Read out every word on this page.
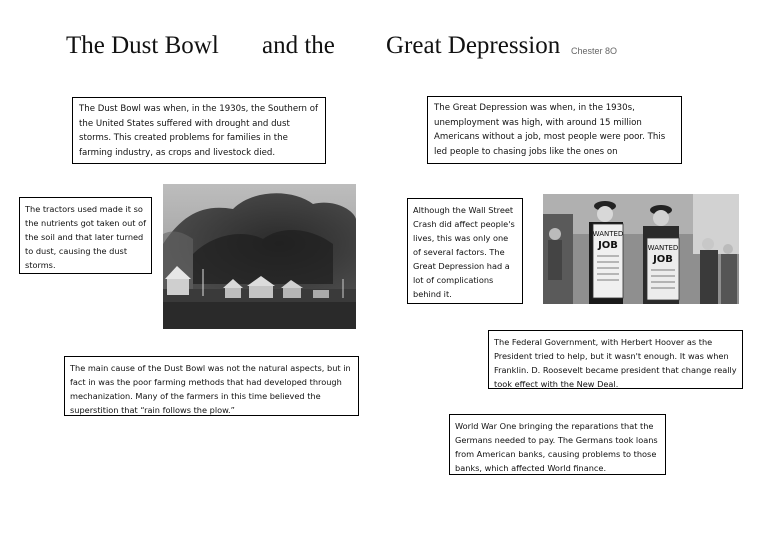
The Dust Bowl and the Great Depression Chester 8O
The Dust Bowl was when, in the 1930s, the Southern of the United States suffered with drought and dust storms. This created problems for families in the farming industry, as crops and livestock died.
The Great Depression was when, in the 1930s, unemployment was high, with around 15 million Americans without a job, most people were poor. This led people to chasing jobs like the ones on
The tractors used made it so the nutrients got taken out of the soil and that later turned to dust, causing the dust storms.
Although the Wall Street Crash did affect people's lives, this was only one of several factors. The Great Depression had a lot of complications behind it.
The main cause of the Dust Bowl was not the natural aspects, but in fact in was the poor farming methods that had developed through mechanization. Many of the farmers in this time believed the superstition that “rain follows the plow.”
The Federal Government, with Herbert Hoover as the President tried to help, but it wasn't enough. It was when Franklin. D. Roosevelt became president that change really took effect with the New Deal.
World War One bringing the reparations that the Germans needed to pay. The Germans took loans from American banks, causing problems to those banks, which affected World finance.
WANTED
JOB	WANTED
JOB
